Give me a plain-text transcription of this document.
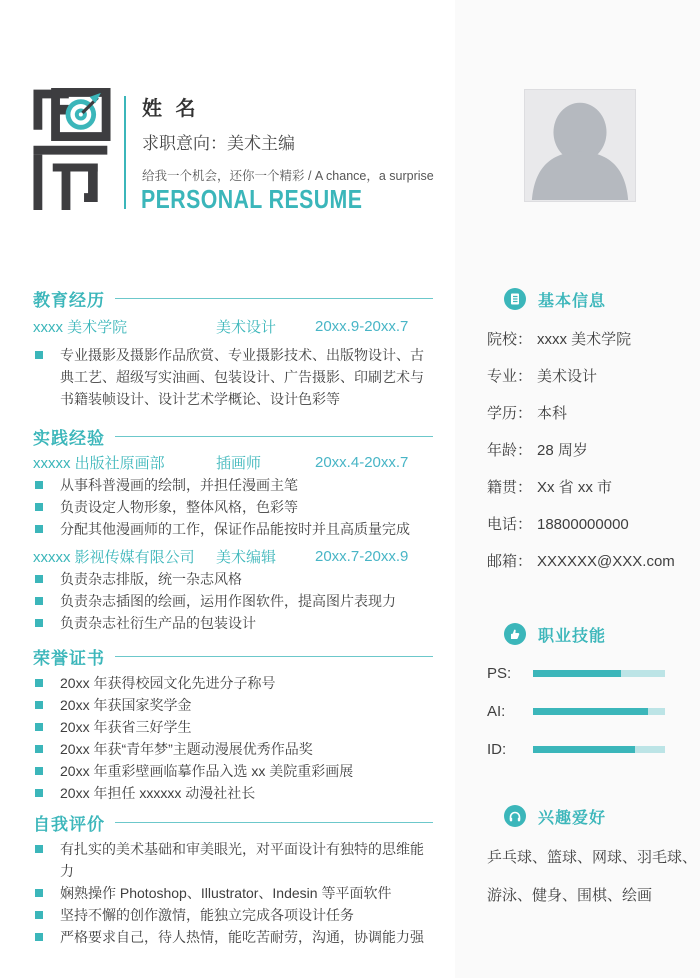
姓 名
求职意向：美术主编
给我一个机会，还你一个精彩 / A chance，a surprise
PERSONAL RESUME
教育经历
xxxx 美术学院	美术设计	20xx.9-20xx.7
专业摄影及摄影作品欣赏、专业摄影技术、出版物设计、古典工艺、超级写实油画、包装设计、广告摄影、印刷艺术与书籍装帧设计、设计艺术学概论、设计色彩等
实践经验
xxxxx 出版社原画部	插画师	20xx.4-20xx.7
从事科普漫画的绘制，并担任漫画主笔
负责设定人物形象，整体风格，色彩等
分配其他漫画师的工作，保证作品能按时并且高质量完成
xxxxx 影视传媒有限公司	美术编辑	20xx.7-20xx.9
负责杂志排版，统一杂志风格
负责杂志插图的绘画，运用作图软件，提高图片表现力
负责杂志社衍生产品的包装设计
荣誉证书
20xx 年获得校园文化先进分子称号
20xx 年获国家奖学金
20xx 年获省三好学生
20xx 年获“青年梦”主题动漫展优秀作品奖
20xx 年重彩壁画临摹作品入选 xx 美院重彩画展
20xx 年担任 xxxxxx 动漫社社长
自我评价
有扎实的美术基础和审美眼光，对平面设计有独特的思维能力
娴熟操作 Photoshop、Illustrator、Indesin 等平面软件
坚持不懈的创作激情，能独立完成各项设计任务
严格要求自己，待人热情，能吃苦耐劳，沟通，协调能力强
基本信息
院校： xxxx 美术学院
专业： 美术设计
学历： 本科
年龄： 28 周岁
籍贯： Xx 省 xx 市
电话： 18800000000
邮箱： XXXXXX@XXX.com
职业技能
PS:
AI:
ID:
兴趣爱好
乒乓球、篮球、网球、羽毛球、
游泳、健身、围棋、绘画
